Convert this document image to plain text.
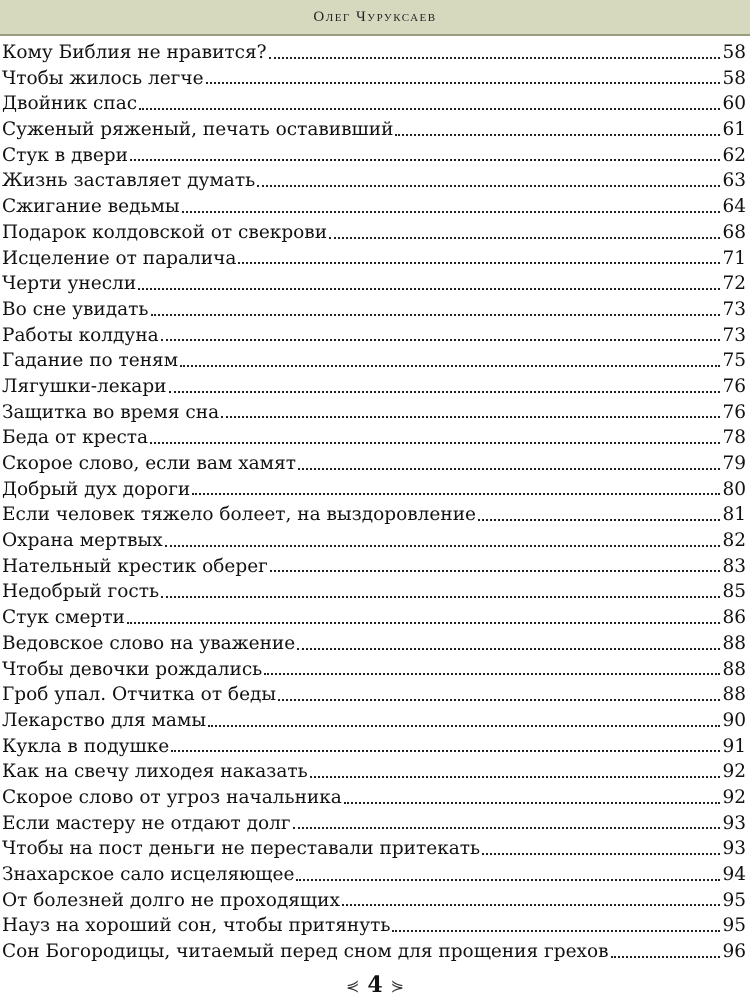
Олег Чуруксаев
Кому Библия не нравится?	58
Чтобы жилось легче	58
Двойник спас	60
Суженый ряженый, печать оставивший	61
Стук в двери	62
Жизнь заставляет думать	63
Сжигание ведьмы	64
Подарок колдовской от свекрови	68
Исцеление от паралича	71
Черти унесли	72
Во сне увидать	73
Работы колдуна	73
Гадание по теням	75
Лягушки-лекари	76
Защитка во время сна	76
Беда от креста	78
Скорое слово, если вам хамят	79
Добрый дух дороги	80
Если человек тяжело болеет, на выздоровление	81
Охрана мертвых	82
Нательный крестик оберег	83
Недобрый гость	85
Стук смерти	86
Ведовское слово на уважение	88
Чтобы девочки рождались	88
Гроб упал. Отчитка от беды	88
Лекарство для мамы	90
Кукла в подушке	91
Как на свечу лиходея наказать	92
Скорое слово от угроз начальника	92
Если мастеру не отдают долг	93
Чтобы на пост деньги не переставали притекать	93
Знахарское сало исцеляющее	94
От болезней долго не проходящих	95
Науз на хороший сон, чтобы притянуть	95
Сон Богородицы, читаемый перед сном для прощения грехов	96
⋞ 4 ⋟
